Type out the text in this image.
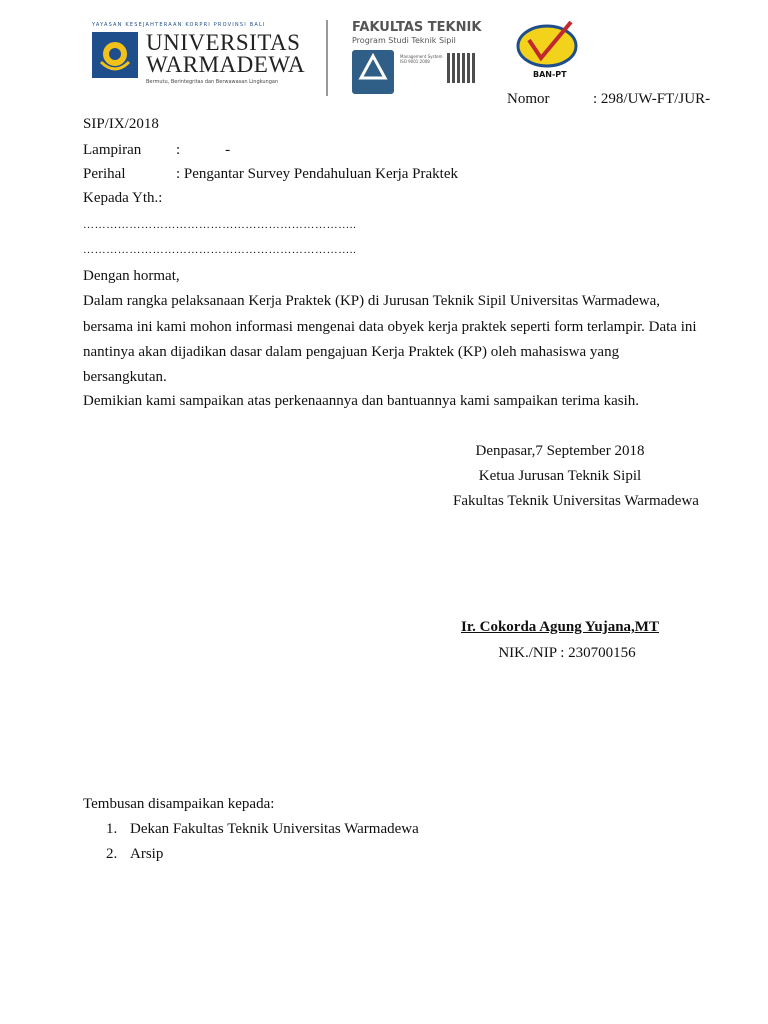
YAYASAN KESEJAHTERAAN KORPRI PROVINSI BALI
UNIVERSITAS
WARMADEWA
Bermutu, Berintegritas dan Berwawasan Lingkungan
FAKULTAS TEKNIK
Program Studi Teknik Sipil
Management System ISO 9001:2008
BAN-PT
Nomor	: 298/UW-FT/JUR-
SIP/IX/2018
Lampiran :            -
Perihal	: Pengantar Survey Pendahuluan Kerja Praktek
Kepada Yth.:
……………………………………………………………..
……………………………………………………………..
Dengan hormat,
Dalam rangka pelaksanaan Kerja Praktek (KP) di Jurusan Teknik Sipil Universitas Warmadewa,
bersama ini kami mohon informasi mengenai data obyek kerja praktek seperti form terlampir. Data ini
nantinya akan dijadikan dasar dalam pengajuan Kerja Praktek (KP) oleh mahasiswa yang
bersangkutan.
Demikian kami sampaikan atas perkenaannya dan bantuannya kami sampaikan terima kasih.
Denpasar,7 September 2018
Ketua Jurusan Teknik Sipil
Fakultas Teknik Universitas Warmadewa
Ir. Cokorda Agung Yujana,MT
NIK./NIP : 230700156
Tembusan disampaikan kepada:
1. Dekan Fakultas Teknik Universitas Warmadewa
2. Arsip
